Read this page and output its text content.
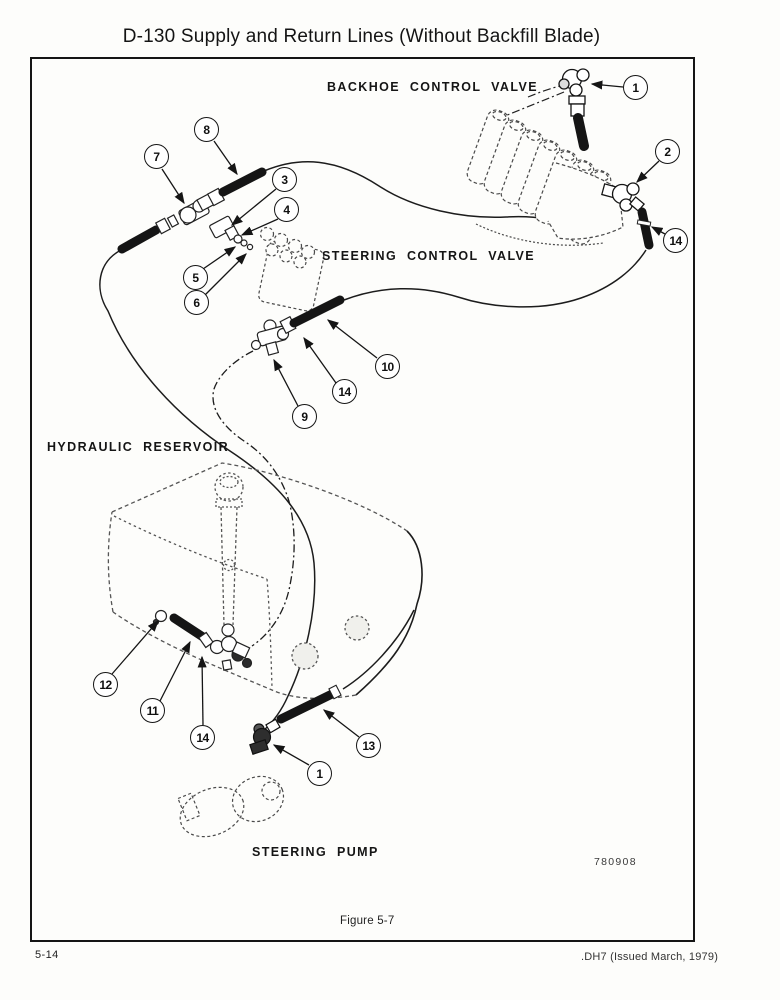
D-130 Supply and Return Lines (Without Backfill Blade)
BACKHOE CONTROL VALVE
STEERING CONTROL VALVE
HYDRAULIC RESERVOIR
STEERING PUMP
1
2
14
8
7
3
4
5
6
10
14
9
12
11
14
1
13
780908
Figure 5-7
5-14	.DH7 (Issued March, 1979)
